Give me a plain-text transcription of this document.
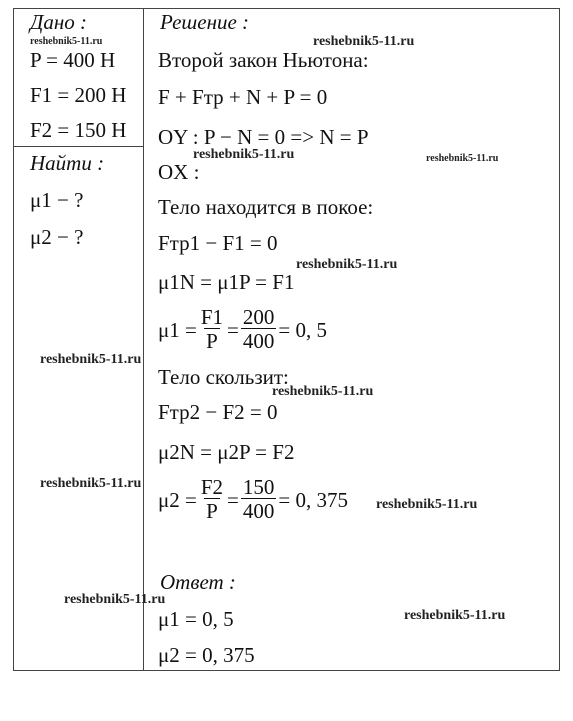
Дано :
P = 400 Н
F1 = 200 Н
F2 = 150 Н
Найти :
μ1 − ?
μ2 − ?
Решение :
Второй закон Ньютона:
F + Fтр + N + P = 0
OY : P − N = 0 => N = P
OX :
Тело находится в покое:
Fтр1 − F1 = 0
μ1N = μ1P = F1
$\mu 1 = \frac{F1}{P} = \frac{200}{400} = 0$, 5
Тело скользит:
Fтр2 − F2 = 0
μ2N = μ2P = F2
$\mu 2 = \frac{F2}{P} = \frac{150}{400} = 0$, 375
Ответ :
μ1 = 0, 5
μ2 = 0, 375
reshebnik5-11.ru	reshebnik5-11.ru
reshebnik5-11.ru	reshebnik5-11.ru
reshebnik5-11.ru
reshebnik5-11.ru
reshebnik5-11.ru
reshebnik5-11.ru
reshebnik5-11.ru
reshebnik5-11.ru
reshebnik5-11.ru
